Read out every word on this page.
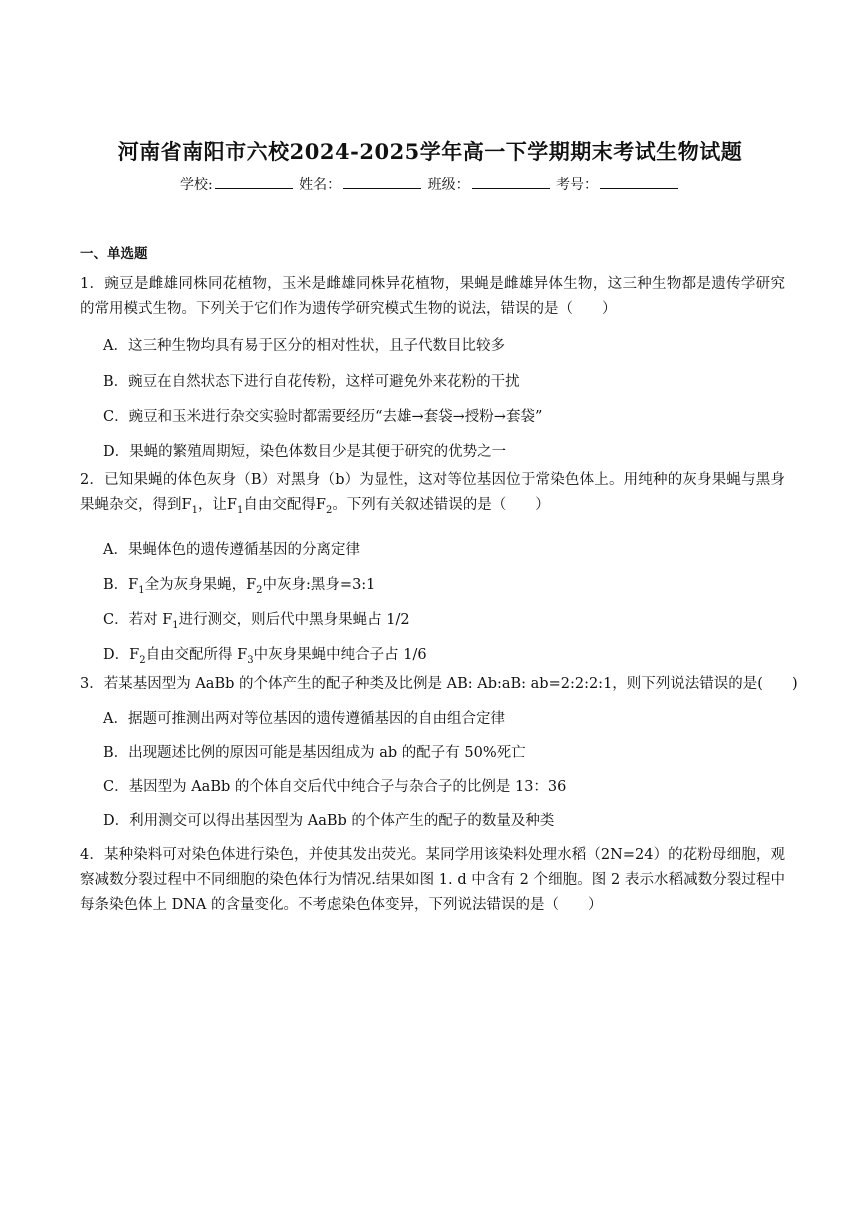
河南省南阳市六校2024-2025学年高一下学期期末考试生物试题
学校:	姓名：	班级：	考号：
一、单选题
1．豌豆是雌雄同株同花植物，玉米是雌雄同株异花植物，果蝇是雌雄异体生物，这三种生物都是遗传学研究的常用模式生物。下列关于它们作为遗传学研究模式生物的说法，错误的是（　　）
A．这三种生物均具有易于区分的相对性状，且子代数目比较多
B．豌豆在自然状态下进行自花传粉，这样可避免外来花粉的干扰
C．豌豆和玉米进行杂交实验时都需要经历“去雄→套袋→授粉→套袋”
D．果蝇的繁殖周期短，染色体数目少是其便于研究的优势之一
2．已知果蝇的体色灰身（B）对黑身（b）为显性，这对等位基因位于常染色体上。用纯种的灰身果蝇与黑身果蝇杂交，得到$F_1$，让$F_1$自由交配得$F_2$。下列有关叙述错误的是（　　）
A．果蝇体色的遗传遵循基因的分离定律
B．$F_1$全为灰身果蝇，$F_2$中灰身:黑身=3:1
C．若对 $F_1$进行测交，则后代中黑身果蝇占 1/2
D．$F_2$自由交配所得 $F_3$中灰身果蝇中纯合子占 1/6
3．若某基因型为 AaBb 的个体产生的配子种类及比例是 AB: Ab:aB: ab=2:2:2:1，则下列说法错误的是(　　)
A．据题可推测出两对等位基因的遗传遵循基因的自由组合定律
B．出现题述比例的原因可能是基因组成为 ab 的配子有 50%死亡
C．基因型为 AaBb 的个体自交后代中纯合子与杂合子的比例是 13：36
D．利用测交可以得出基因型为 AaBb 的个体产生的配子的数量及种类
4．某种染料可对染色体进行染色，并使其发出荧光。某同学用该染料处理水稻（2N=24）的花粉母细胞，观察减数分裂过程中不同细胞的染色体行为情况.结果如图 1. d 中含有 2 个细胞。图 2 表示水稻减数分裂过程中每条染色体上 DNA 的含量变化。不考虑染色体变异，下列说法错误的是（　　）
